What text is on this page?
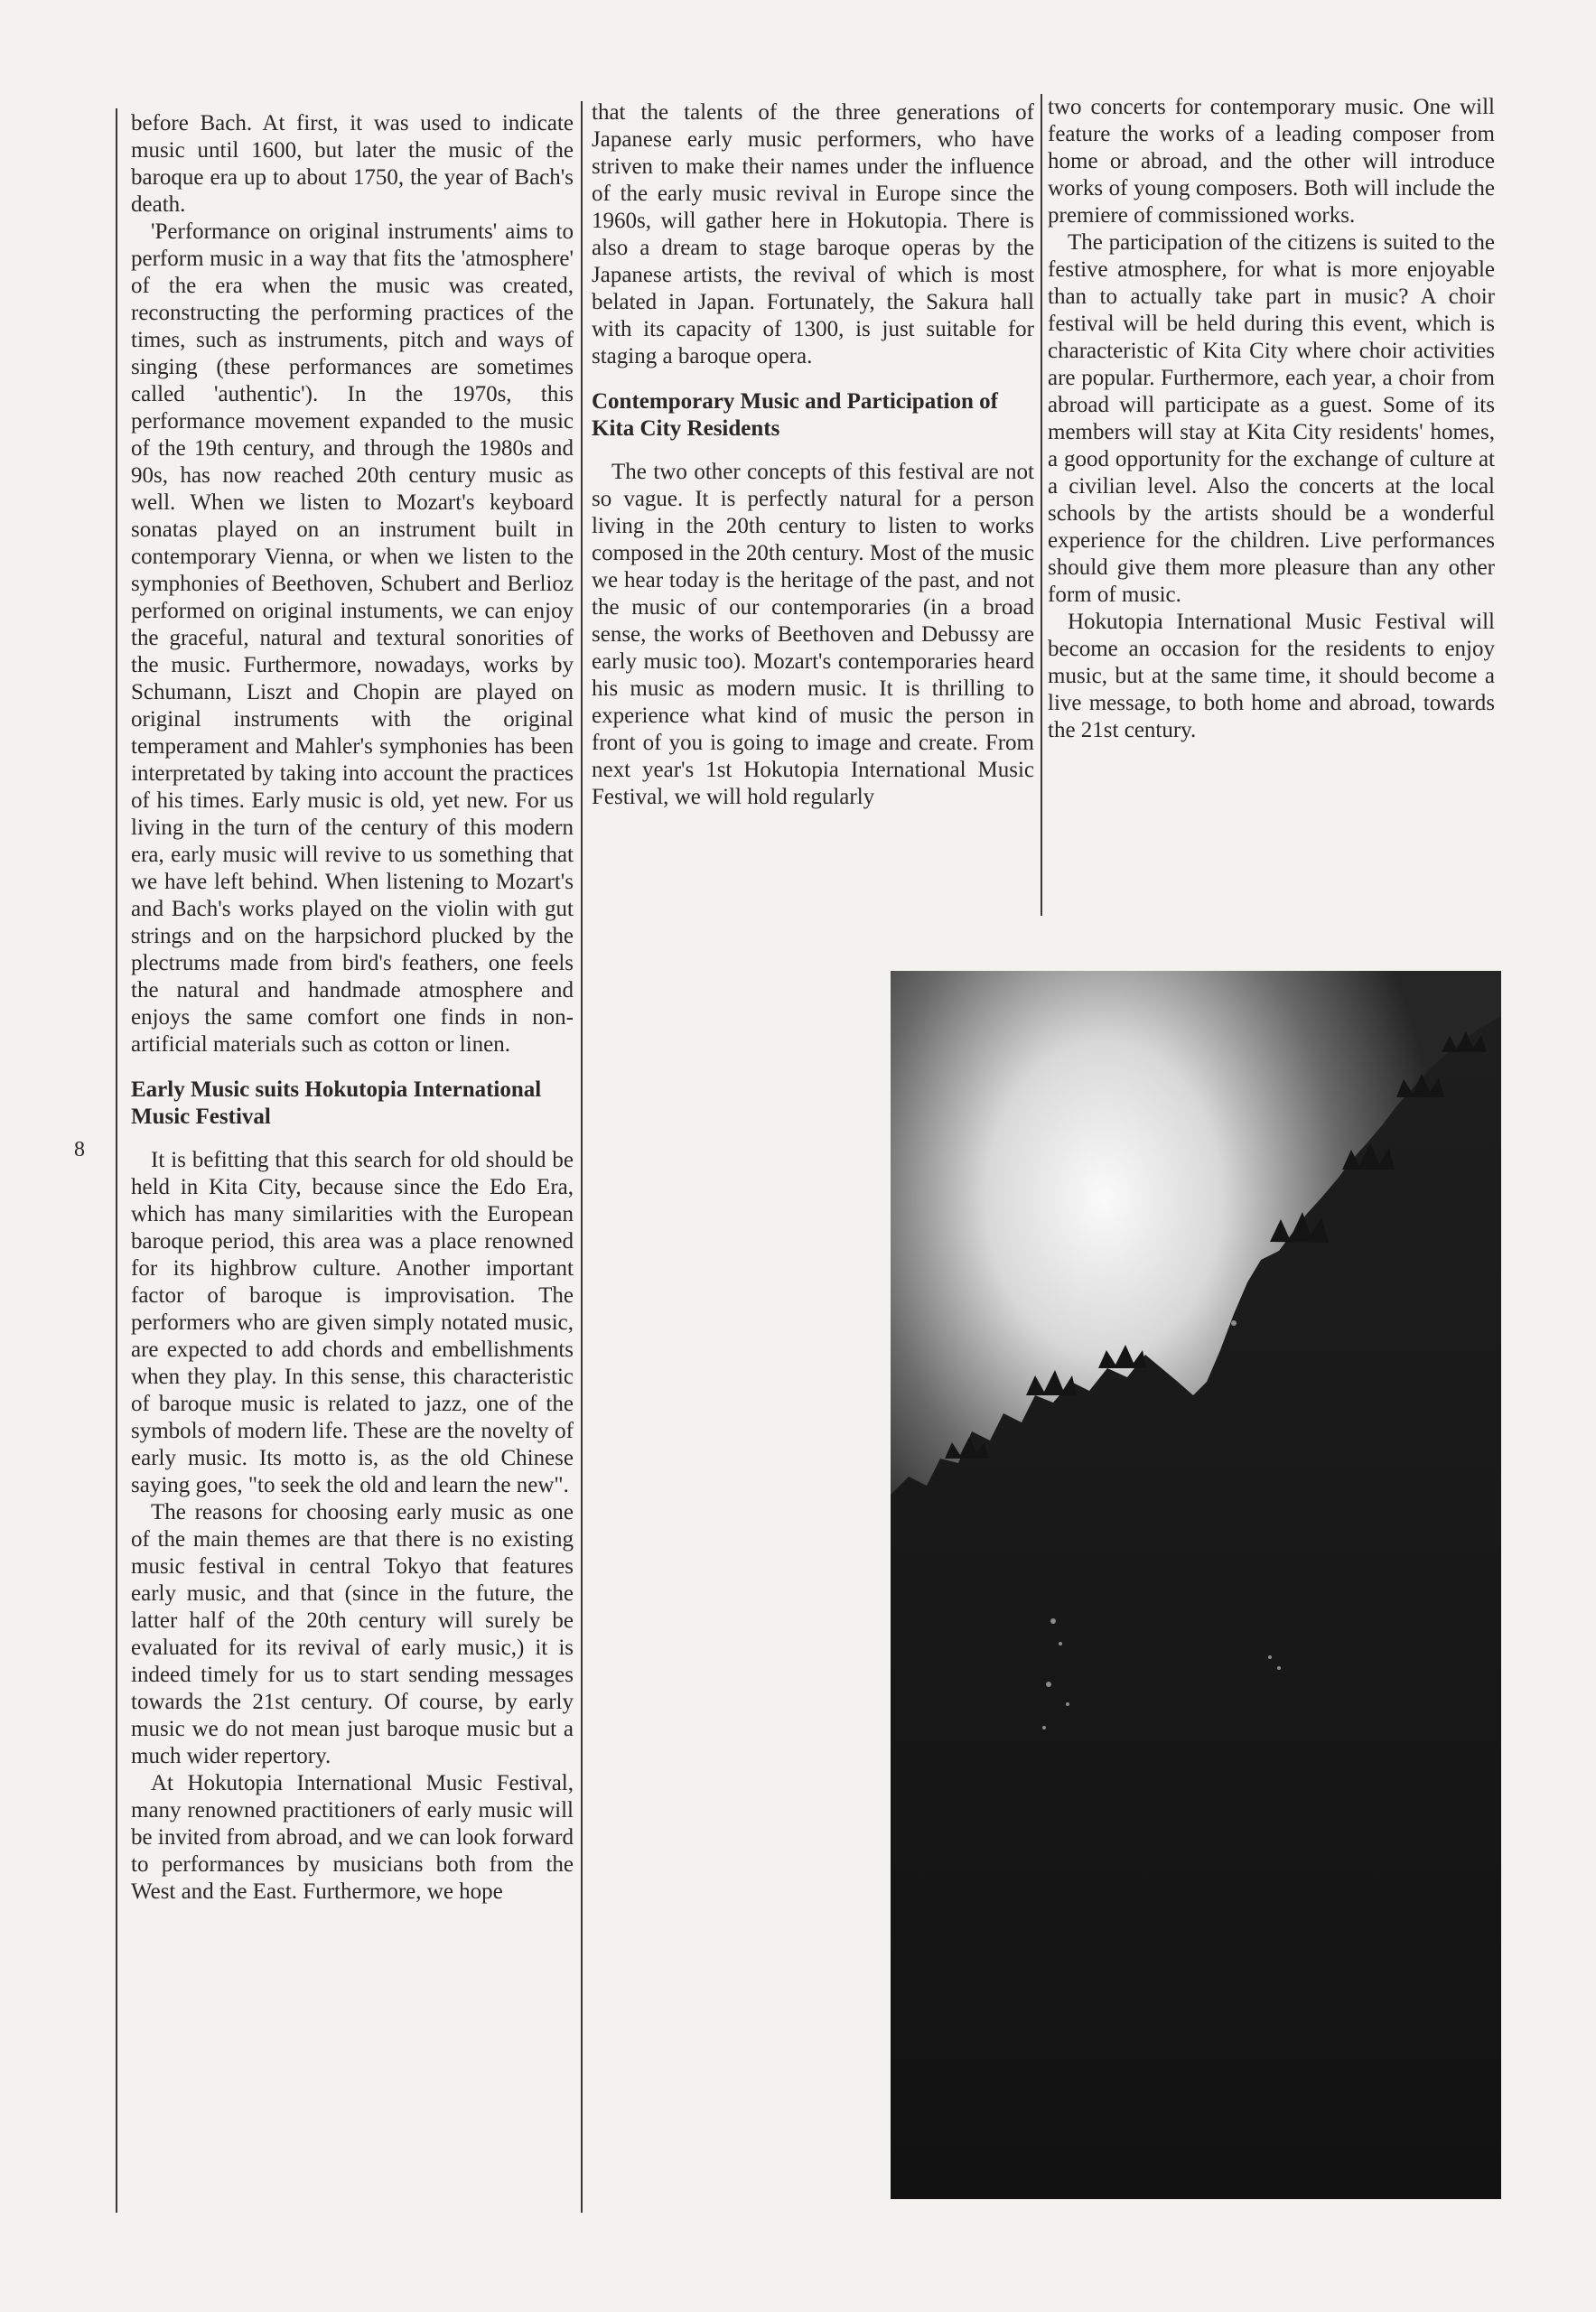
8

before Bach. At first, it was used to indicate music until 1600, but later the music of the baroque era up to about 1750, the year of Bach's death.

'Performance on original instruments' aims to perform music in a way that fits the 'atmosphere' of the era when the music was created, reconstructing the performing practices of the times, such as instruments, pitch and ways of singing (these performances are sometimes called 'authentic'). In the 1970s, this performance movement expanded to the music of the 19th century, and through the 1980s and 90s, has now reached 20th century music as well. When we listen to Mozart's keyboard sonatas played on an instrument built in contemporary Vienna, or when we listen to the symphonies of Beethoven, Schubert and Berlioz performed on original instuments, we can enjoy the graceful, natural and textural sonorities of the music. Furthermore, nowadays, works by Schumann, Liszt and Chopin are played on original instruments with the original temperament and Mahler's symphonies has been interpretated by taking into account the practices of his times. Early music is old, yet new. For us living in the turn of the century of this modern era, early music will revive to us something that we have left behind. When listening to Mozart's and Bach's works played on the violin with gut strings and on the harpsichord plucked by the plectrums made from bird's feathers, one feels the natural and handmade atmosphere and enjoys the same comfort one finds in non-artificial materials such as cotton or linen.

Early Music suits Hokutopia International Music Festival

It is befitting that this search for old should be held in Kita City, because since the Edo Era, which has many similarities with the European baroque period, this area was a place renowned for its highbrow culture. Another important factor of baroque is improvisation. The performers who are given simply notated music, are expected to add chords and embellishments when they play. In this sense, this characteristic of baroque music is related to jazz, one of the symbols of modern life. These are the novelty of early music. Its motto is, as the old Chinese saying goes, "to seek the old and learn the new".

The reasons for choosing early music as one of the main themes are that there is no existing music festival in central Tokyo that features early music, and that (since in the future, the latter half of the 20th century will surely be evaluated for its revival of early music,) it is indeed timely for us to start sending messages towards the 21st century. Of course, by early music we do not mean just baroque music but a much wider repertory.

At Hokutopia International Music Festival, many renowned practitioners of early music will be invited from abroad, and we can look forward to performances by musicians both from the West and the East. Furthermore, we hope

that the talents of the three generations of Japanese early music performers, who have striven to make their names under the influence of the early music revival in Europe since the 1960s, will gather here in Hokutopia. There is also a dream to stage baroque operas by the Japanese artists, the revival of which is most belated in Japan. Fortunately, the Sakura hall with its capacity of 1300, is just suitable for staging a baroque opera.

Contemporary Music and Participation of Kita City Residents

The two other concepts of this festival are not so vague. It is perfectly natural for a person living in the 20th century to listen to works composed in the 20th century. Most of the music we hear today is the heritage of the past, and not the music of our contemporaries (in a broad sense, the works of Beethoven and Debussy are early music too). Mozart's contemporaries heard his music as modern music. It is thrilling to experience what kind of music the person in front of you is going to image and create. From next year's 1st Hokutopia International Music Festival, we will hold regularly

two concerts for contemporary music. One will feature the works of a leading composer from home or abroad, and the other will introduce works of young composers. Both will include the premiere of commissioned works.

The participation of the citizens is suited to the festive atmosphere, for what is more enjoyable than to actually take part in music? A choir festival will be held during this event, which is characteristic of Kita City where choir activities are popular. Furthermore, each year, a choir from abroad will participate as a guest. Some of its members will stay at Kita City residents' homes, a good opportunity for the exchange of culture at a civilian level. Also the concerts at the local schools by the artists should be a wonderful experience for the children. Live performances should give them more pleasure than any other form of music.

Hokutopia International Music Festival will become an occasion for the residents to enjoy music, but at the same time, it should become a live message, to both home and abroad, towards the 21st century.
